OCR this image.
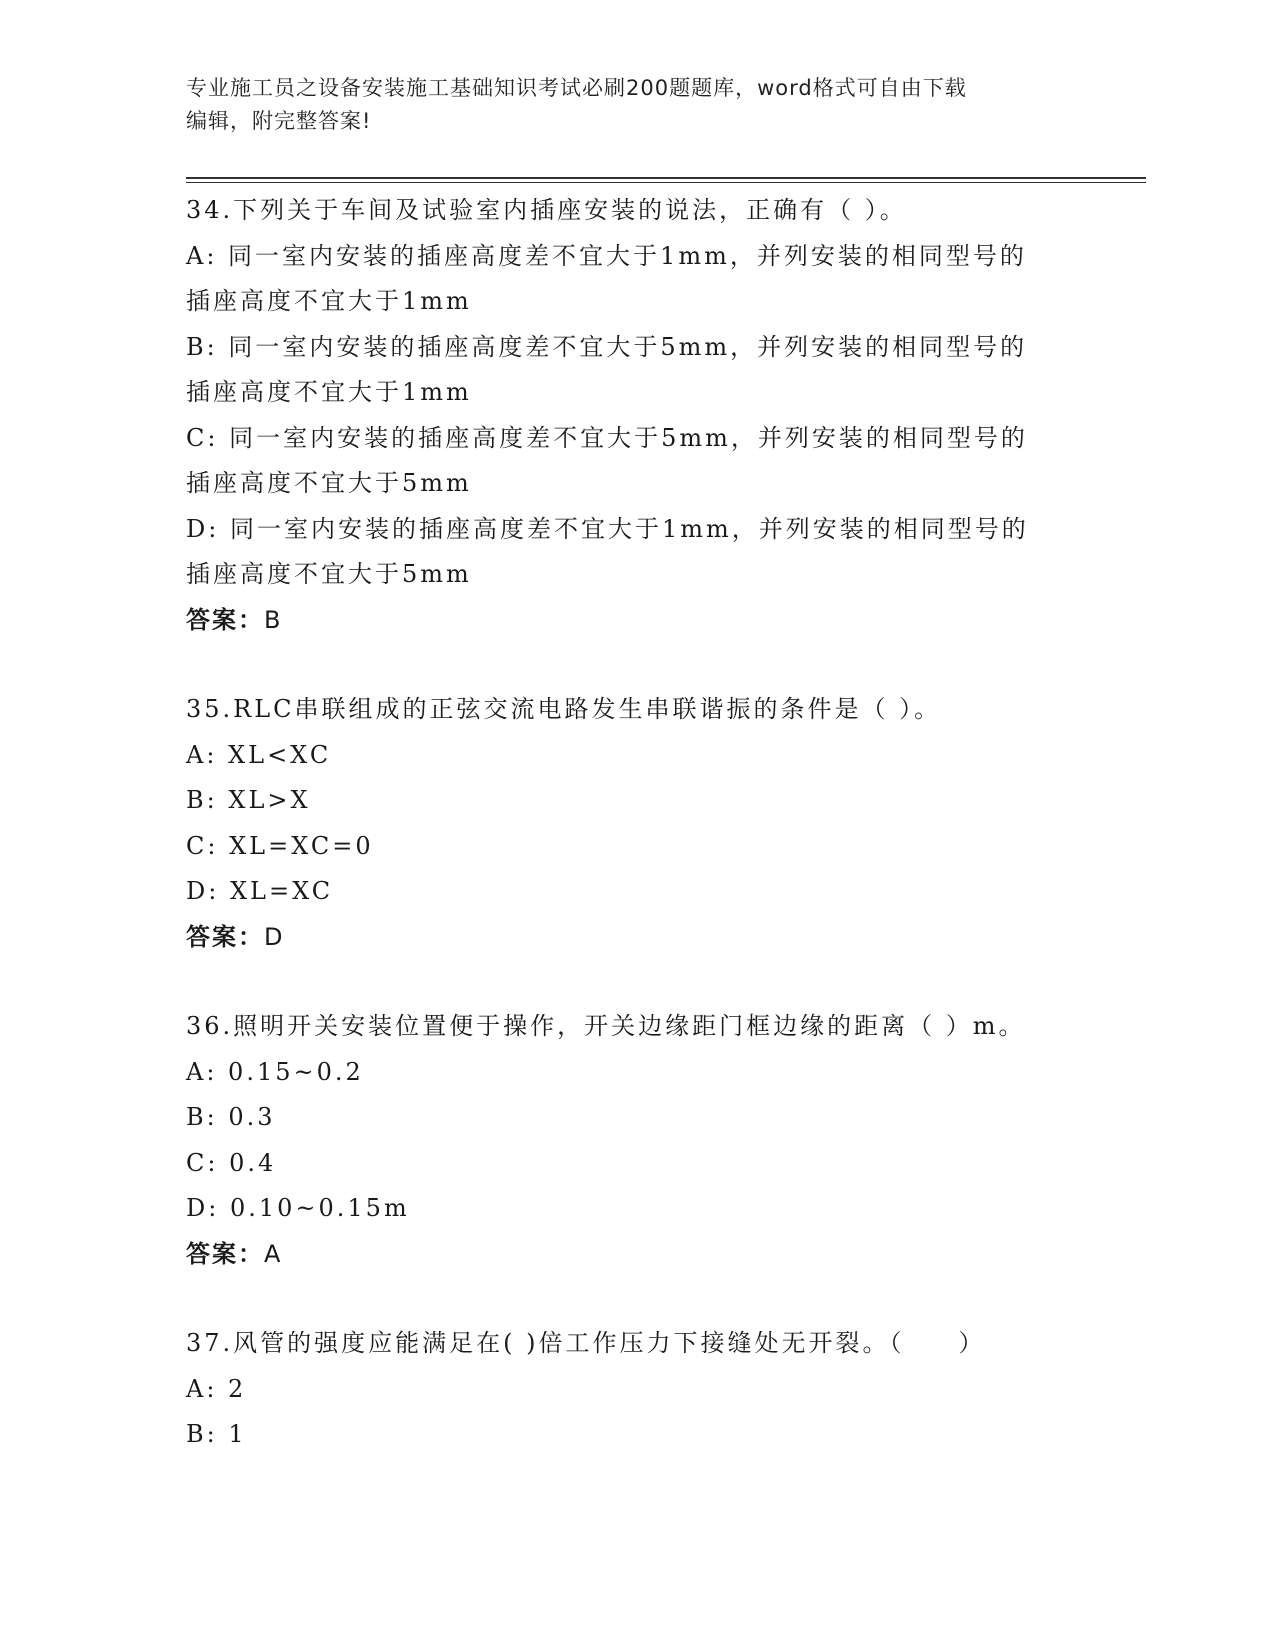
专业施工员之设备安装施工基础知识考试必刷200题题库，word格式可自由下载
编辑，附完整答案!
34.下列关于车间及试验室内插座安装的说法，正确有（ ）。
A: 同一室内安装的插座高度差不宜大于1mm，并列安装的相同型号的
插座高度不宜大于1mm
B: 同一室内安装的插座高度差不宜大于5mm，并列安装的相同型号的
插座高度不宜大于1mm
C: 同一室内安装的插座高度差不宜大于5mm，并列安装的相同型号的
插座高度不宜大于5mm
D: 同一室内安装的插座高度差不宜大于1mm，并列安装的相同型号的
插座高度不宜大于5mm
答案：B
35.RLC串联组成的正弦交流电路发生串联谐振的条件是（ ）。
A: XL<XC
B: XL>X
C: XL=XC=0
D: XL=XC
答案：D
36.照明开关安装位置便于操作，开关边缘距门框边缘的距离（ ）m。
A: 0.15~0.2
B: 0.3
C: 0.4
D: 0.10~0.15m
答案：A
37.风管的强度应能满足在( )倍工作压力下接缝处无开裂。（　　）
A: 2
B: 1
